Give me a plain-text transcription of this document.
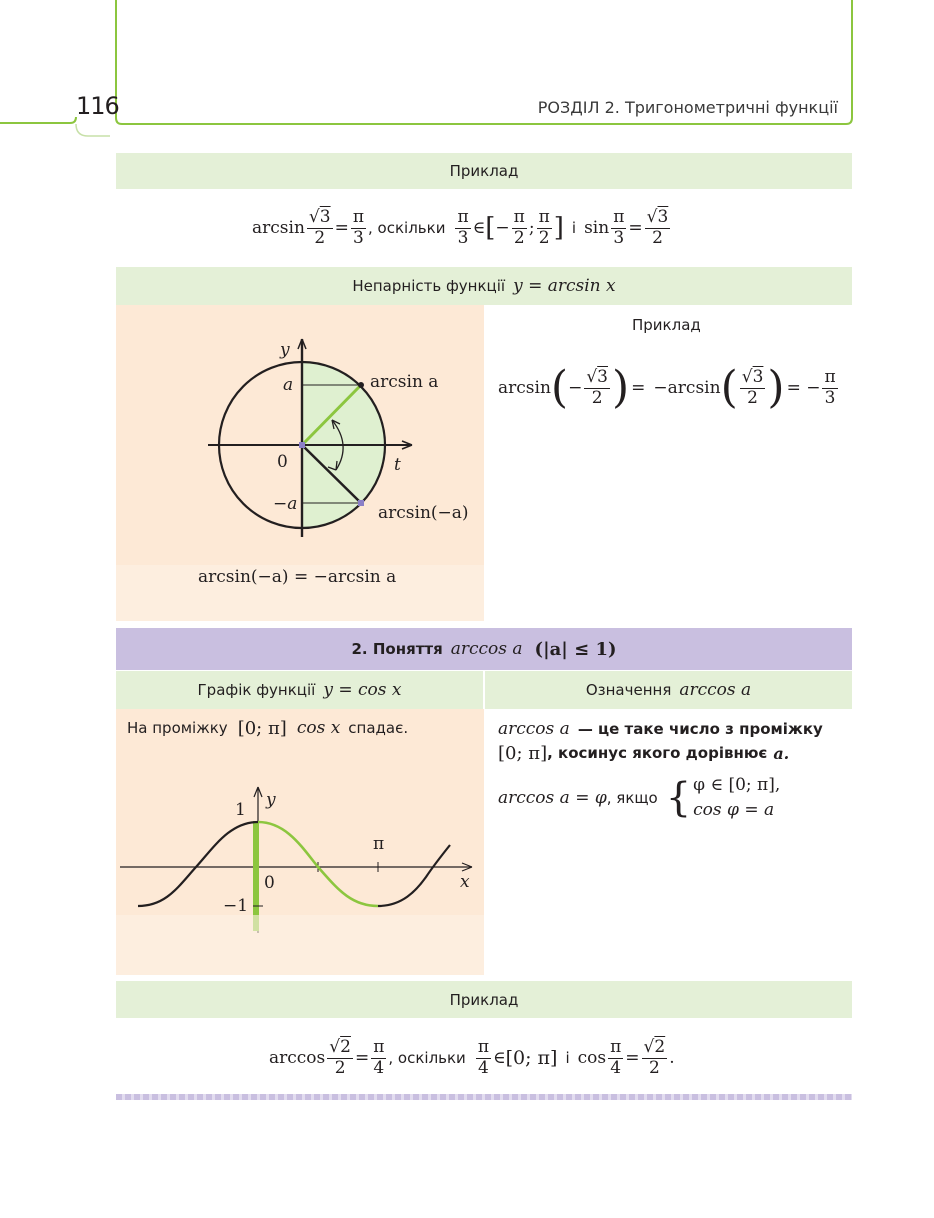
116	РОЗДІЛ 2. Тригонометричні функції
Приклад
$\arcsin \frac{√3}{2} = \frac{\pi}{3}$ , оскільки $\frac{\pi}{3}$ ∈ [ − $\frac{\pi}{2}$ ; $\frac{\pi}{2}$ ] і $\sin \frac{\pi}{3} = \frac{√3}{2}$
Непарність функції y = arcsin x
y
t
0
a
−a
arcsin a
arcsin(−a)
arcsin(−a) = −arcsin a
Приклад
arcsin ( − $\frac{√3}{2}$ ) = −arcsin ( $\frac{√3}{2}$ ) = − $\frac{\pi}{3}$
2. Поняття arccos a (|a| ≤ 1)
Графік функції y = cos x	Означення arccos a
На проміжку [0; π] cos x спадає.
y
x
1
−1
0
π
arccos a — це таке число з проміжку
[0; π] , косинус якого дорівнює a.
arccos a = φ , якщо { φ ∈ [0; π],
cos φ = a
Приклад
$\arccos \frac{√2}{2} = \frac{\pi}{4}$ , оскільки $\frac{\pi}{4}$ ∈ [0; π] і $\cos \frac{\pi}{4} = \frac{√2}{2}$ .
